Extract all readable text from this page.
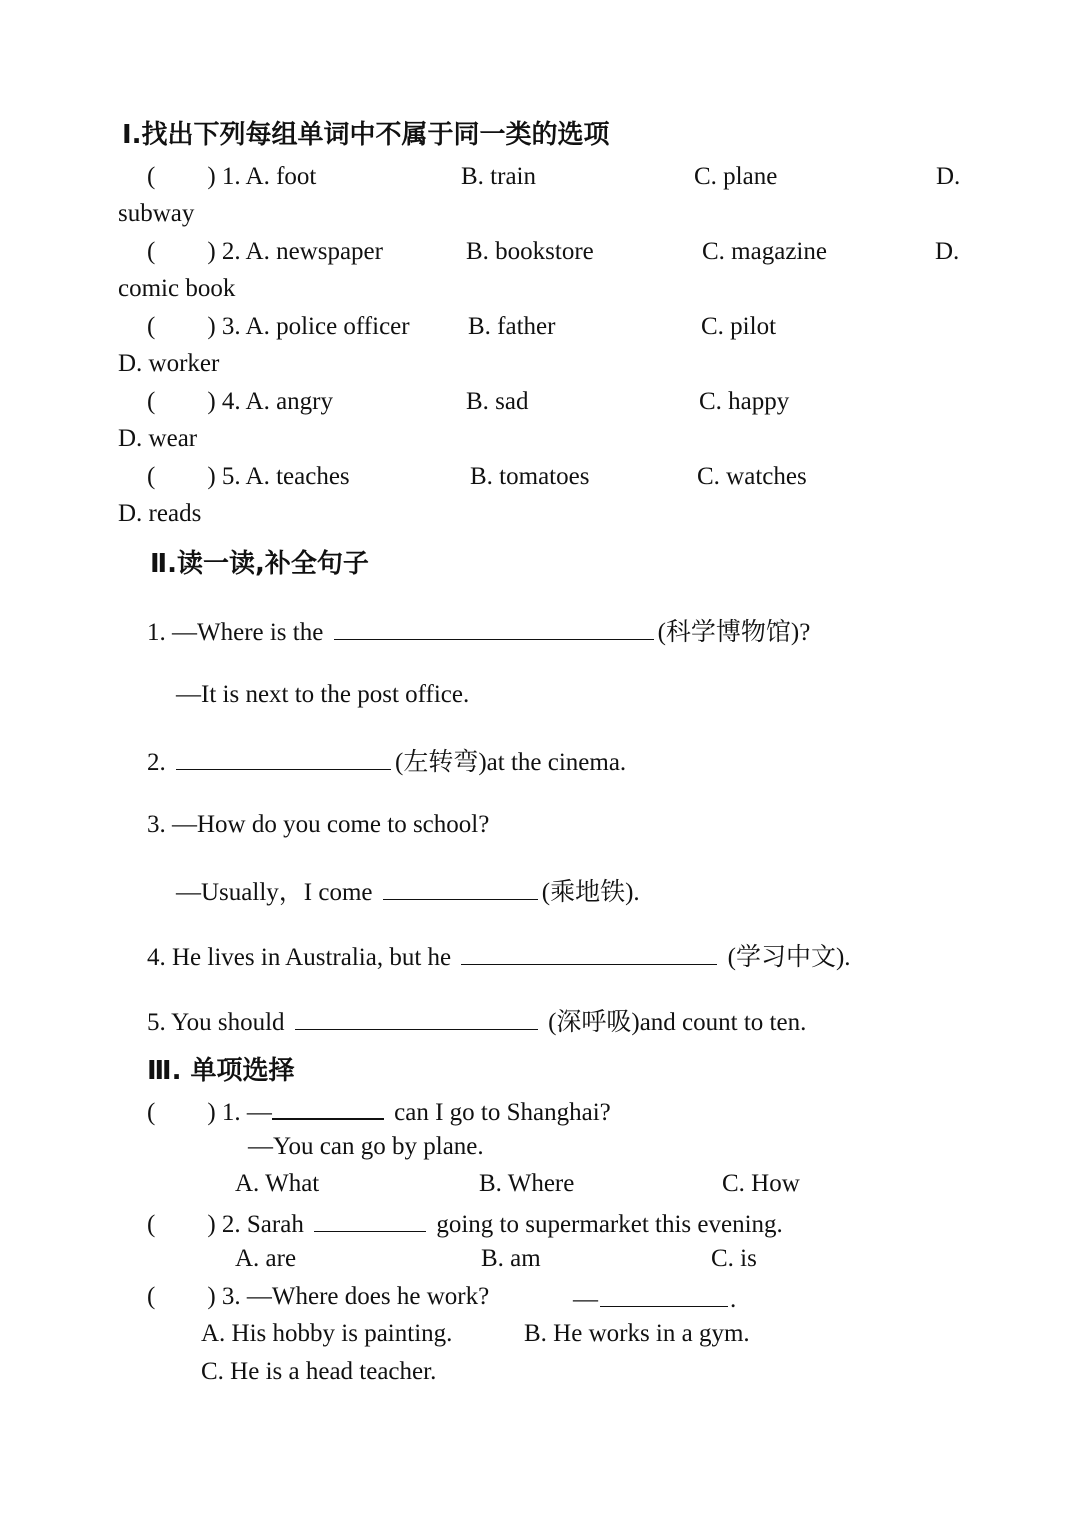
Ⅰ.找出下列每组单词中不属于同一类的选项
( ) 1. A. foot	B. train	C. plane	D.
subway
( ) 2. A. newspaper	B. bookstore	C. magazine	D.
comic book
( ) 3. A. police officer B. father	C. pilot
D. worker
( ) 4. A. angry	B. sad	C. happy
D. wear
( ) 5. A. teaches	B. tomatoes	C. watches
D. reads
Ⅱ.读一读,补全句子
1. —Where is the	(科学博物馆)?
—It is next to the post office.
2.	(左转弯)at the cinema.
3. —How do you come to school?
—Usually，I come	(乘地铁).
4. He lives in Australia, but he	(学习中文).
5. You should	(深呼吸)and count to ten.
Ⅲ. 单项选择
( ) 1. —	can I go to Shanghai?
—You can go by plane.
A. What	B. Where	C. How
( ) 2. Sarah	going to supermarket this evening.
A. are	B. am	C. is
( ) 3. —Where does he work?	—	.
A. His hobby is painting.	B. He works in a gym.
C. He is a head teacher.
